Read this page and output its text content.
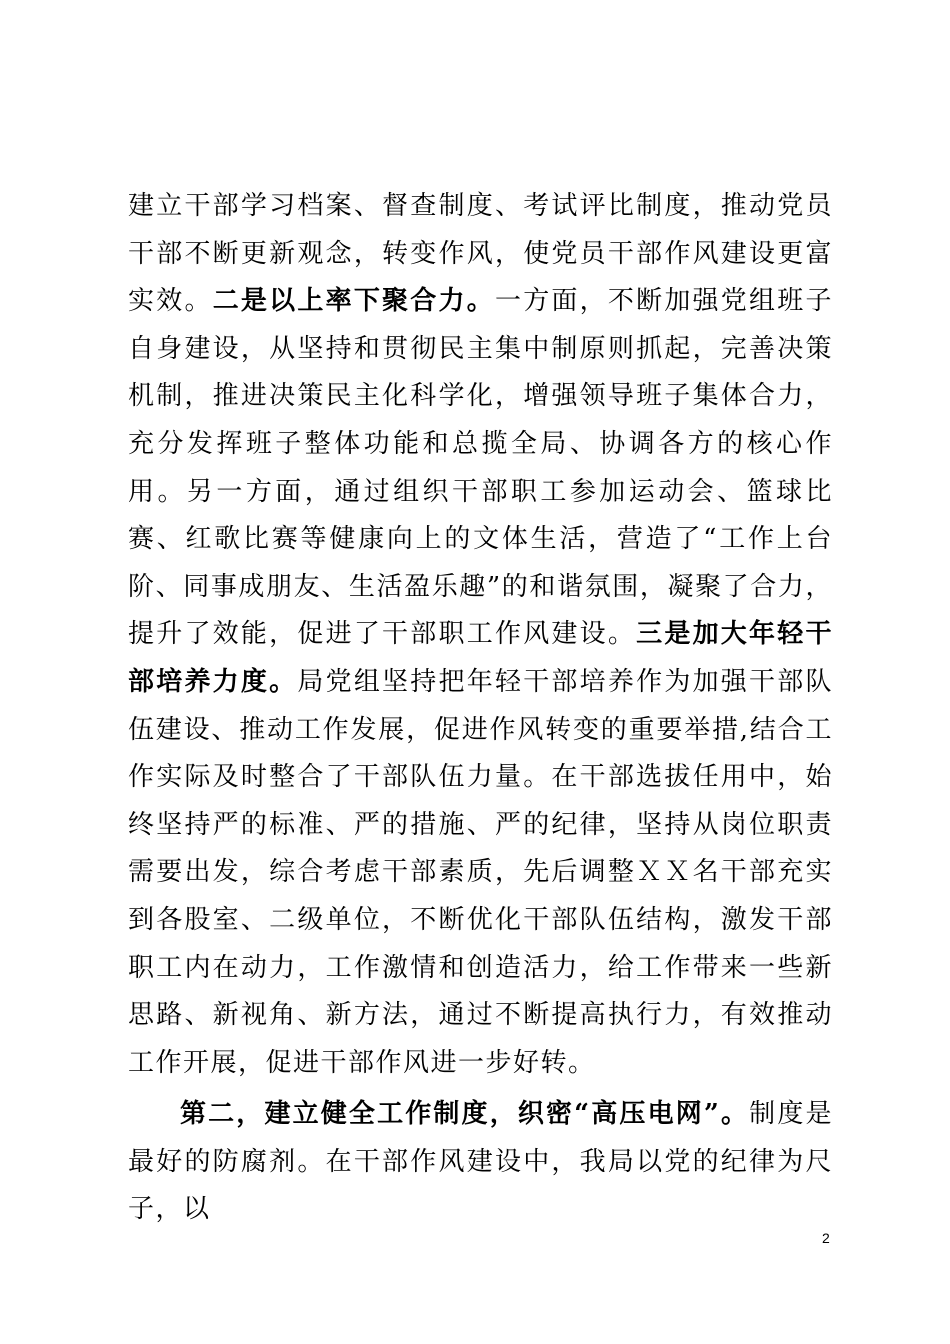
建立干部学习档案、督查制度、考试评比制度，推动党员干部不断更新观念，转变作风，使党员干部作风建设更富实效。二是以上率下聚合力。一方面，不断加强党组班子自身建设，从坚持和贯彻民主集中制原则抓起，完善决策机制，推进决策民主化科学化，增强领导班子集体合力，充分发挥班子整体功能和总揽全局、协调各方的核心作用。另一方面，通过组织干部职工参加运动会、篮球比赛、红歌比赛等健康向上的文体生活，营造了“工作上台阶、同事成朋友、生活盈乐趣”的和谐氛围，凝聚了合力，提升了效能，促进了干部职工作风建设。三是加大年轻干部培养力度。局党组坚持把年轻干部培养作为加强干部队伍建设、推动工作发展，促进作风转变的重要举措,结合工作实际及时整合了干部队伍力量。在干部选拔任用中，始终坚持严的标准、严的措施、严的纪律，坚持从岗位职责需要出发，综合考虑干部素质，先后调整ＸＸ名干部充实到各股室、二级单位，不断优化干部队伍结构，激发干部职工内在动力，工作激情和创造活力，给工作带来一些新思路、新视角、新方法，通过不断提高执行力，有效推动工作开展，促进干部作风进一步好转。

第二，建立健全工作制度，织密“高压电网”。制度是最好的防腐剂。在干部作风建设中，我局以党的纪律为尺子，以

2
